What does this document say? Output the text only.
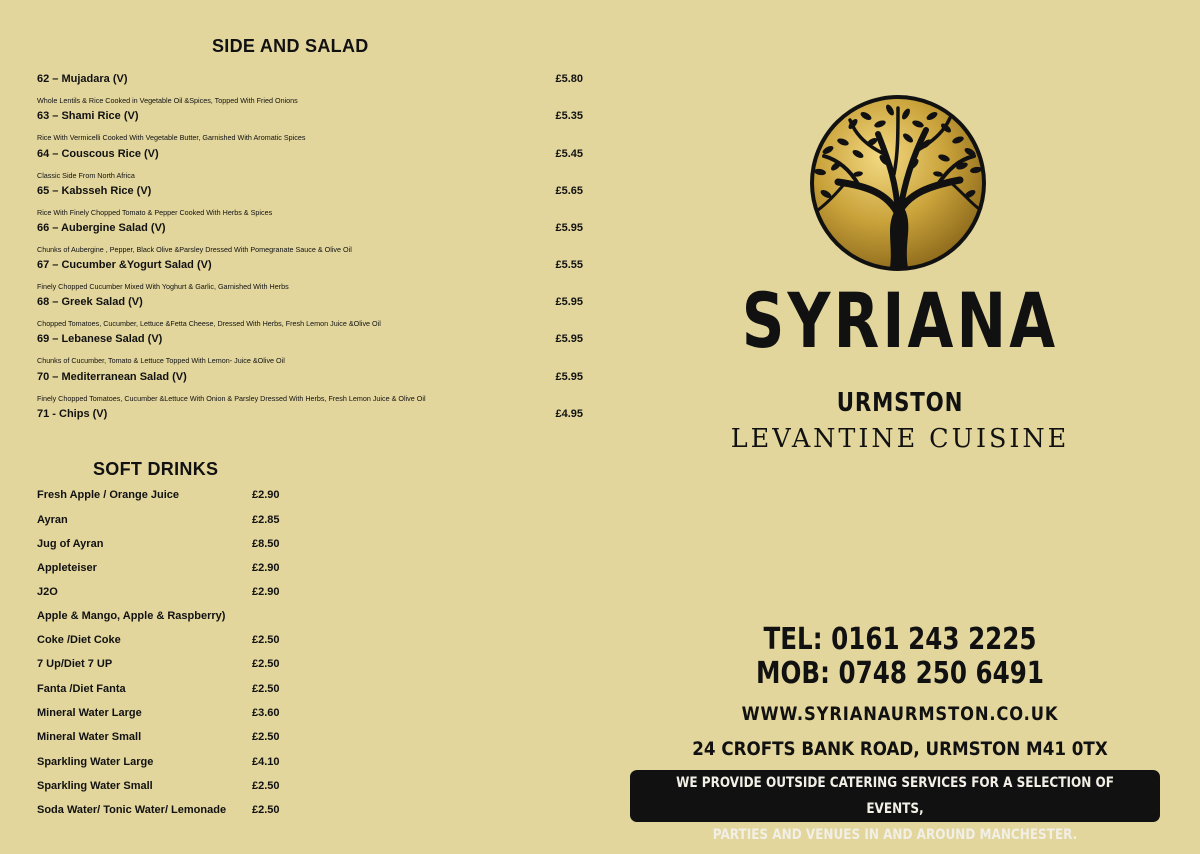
SIDE AND SALAD
62 – Mujadara (V)	£5.80
Whole Lentils & Rice Cooked in Vegetable Oil &Spices, Topped With Fried Onions
63 – Shami Rice (V)	£5.35
Rice With Vermicelli Cooked With Vegetable Butter, Garnished With Aromatic Spices
64 – Couscous Rice (V)	£5.45
Classic Side From North Africa
65 – Kabsseh Rice (V)	£5.65
Rice With Finely Chopped Tomato & Pepper Cooked With Herbs & Spices
66 – Aubergine Salad (V)	£5.95
Chunks of Aubergine , Pepper, Black Olive &Parsley Dressed With Pomegranate Sauce & Olive Oil
67 – Cucumber &Yogurt Salad (V)	£5.55
Finely Chopped Cucumber Mixed With Yoghurt & Garlic, Garnished With Herbs
68 – Greek Salad (V)	£5.95
Chopped Tomatoes, Cucumber, Lettuce &Fetta Cheese, Dressed With Herbs, Fresh Lemon Juice &Olive Oil
69 – Lebanese Salad (V)	£5.95
Chunks of Cucumber, Tomato & Lettuce Topped With Lemon- Juice &Olive Oil
70 – Mediterranean Salad (V)	£5.95
Finely Chopped Tomatoes, Cucumber &Lettuce With Onion & Parsley Dressed With Herbs, Fresh Lemon Juice & Olive Oil
71 - Chips (V)	£4.95
SOFT DRINKS
Fresh Apple / Orange Juice	£2.90
Ayran	£2.85
Jug of Ayran	£8.50
Appleteiser	£2.90
J2O	£2.90
Apple & Mango, Apple & Raspberry)
Coke /Diet Coke	£2.50
7 Up/Diet 7 UP	£2.50
Fanta /Diet Fanta	£2.50
Mineral Water Large	£3.60
Mineral Water Small	£2.50
Sparkling Water Large	£4.10
Sparkling Water Small	£2.50
Soda Water/ Tonic Water/ Lemonade £2.50
SYRIANA
URMSTON
LEVANTINE CUISINE
TEL: 0161 243 2225
MOB: 0748 250 6491
WWW.SYRIANAURMSTON.CO.UK
24 CROFTS BANK ROAD, URMSTON M41 0TX
WE PROVIDE OUTSIDE CATERING SERVICES FOR A SELECTION OF EVENTS,
PARTIES AND VENUES IN AND AROUND MANCHESTER.
